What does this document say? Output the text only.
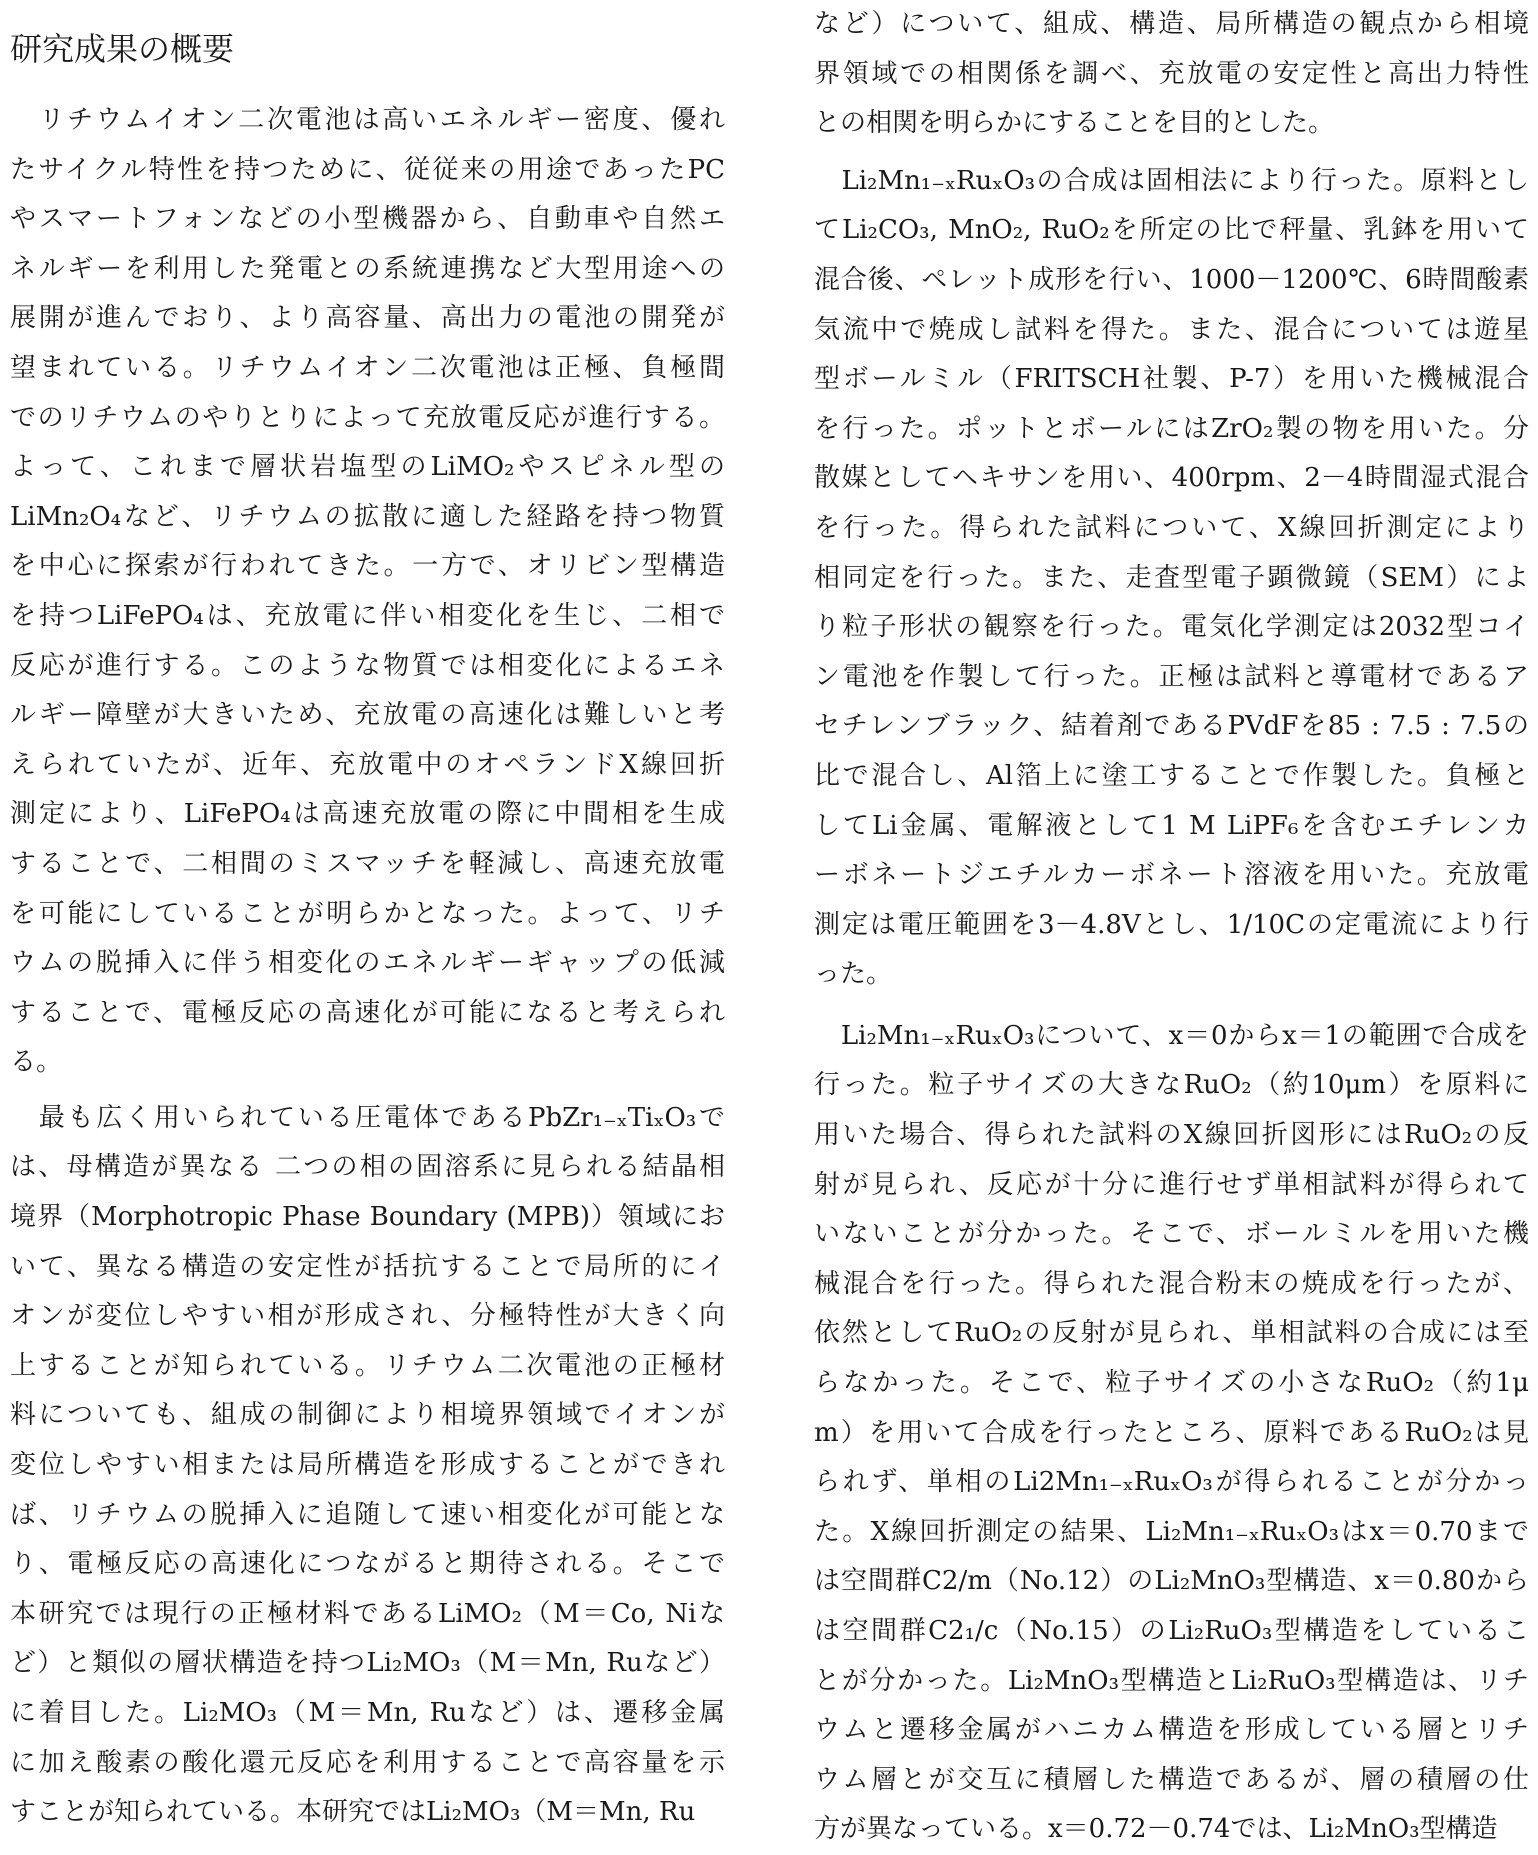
研究成果の概要
　リチウムイオン二次電池は高いエネルギー密度、優れ
たサイクル特性を持つために、従従来の用途であったPC
やスマートフォンなどの小型機器から、自動車や自然エ
ネルギーを利用した発電との系統連携など大型用途への
展開が進んでおり、より高容量、高出力の電池の開発が
望まれている。リチウムイオン二次電池は正極、負極間
でのリチウムのやりとりによって充放電反応が進行する。
よって、これまで層状岩塩型のLiMO₂やスピネル型の
LiMn₂O₄など、リチウムの拡散に適した経路を持つ物質
を中心に探索が行われてきた。一方で、オリビン型構造
を持つLiFePO₄は、充放電に伴い相変化を生じ、二相で
反応が進行する。このような物質では相変化によるエネ
ルギー障壁が大きいため、充放電の高速化は難しいと考
えられていたが、近年、充放電中のオペランドX線回折
測定により、LiFePO₄は高速充放電の際に中間相を生成
することで、二相間のミスマッチを軽減し、高速充放電
を可能にしていることが明らかとなった。よって、リチ
ウムの脱挿入に伴う相変化のエネルギーギャップの低減
することで、電極反応の高速化が可能になると考えられ
る。
　最も広く用いられている圧電体であるPbZr₁₋ₓTiₓO₃で
は、母構造が異なる 二つの相の固溶系に見られる結晶相
境界（Morphotropic Phase Boundary (MPB)）領域にお
いて、異なる構造の安定性が括抗することで局所的にイ
オンが変位しやすい相が形成され、分極特性が大きく向
上することが知られている。リチウム二次電池の正極材
料についても、組成の制御により相境界領域でイオンが
変位しやすい相または局所構造を形成することができれ
ば、リチウムの脱挿入に追随して速い相変化が可能とな
り、電極反応の高速化につながると期待される。そこで
本研究では現行の正極材料であるLiMO₂（M＝Co, Niな
ど）と類似の層状構造を持つLi₂MO₃（M＝Mn, Ruなど）
に着目した。Li₂MO₃（M＝Mn, Ruなど）は、遷移金属
に加え酸素の酸化還元反応を利用することで高容量を示
すことが知られている。本研究ではLi₂MO₃（M＝Mn, Ru
など）について、組成、構造、局所構造の観点から相境
界領域での相関係を調べ、充放電の安定性と高出力特性
との相関を明らかにすることを目的とした。
　Li₂Mn₁₋ₓRuₓO₃の合成は固相法により行った。原料とし
てLi₂CO₃, MnO₂, RuO₂を所定の比で秤量、乳鉢を用いて
混合後、ペレット成形を行い、1000－1200℃、6時間酸素
気流中で焼成し試料を得た。また、混合については遊星
型ボールミル（FRITSCH社製、P-7）を用いた機械混合
を行った。ポットとボールにはZrO₂製の物を用いた。分
散媒としてヘキサンを用い、400rpm、2－4時間湿式混合
を行った。得られた試料について、X線回折測定により
相同定を行った。また、走査型電子顕微鏡（SEM）によ
り粒子形状の観察を行った。電気化学測定は2032型コイ
ン電池を作製して行った。正極は試料と導電材であるア
セチレンブラック、結着剤であるPVdFを85 : 7.5 : 7.5の
比で混合し、Al箔上に塗工することで作製した。負極と
してLi金属、電解液として1 M LiPF₆を含むエチレンカ
ーボネートジエチルカーボネート溶液を用いた。充放電
測定は電圧範囲を3－4.8Vとし、1/10Cの定電流により行
った。
　Li₂Mn₁₋ₓRuₓO₃について、x＝0からx＝1の範囲で合成を
行った。粒子サイズの大きなRuO₂（約10μm）を原料に
用いた場合、得られた試料のX線回折図形にはRuO₂の反
射が見られ、反応が十分に進行せず単相試料が得られて
いないことが分かった。そこで、ボールミルを用いた機
械混合を行った。得られた混合粉末の焼成を行ったが、
依然としてRuO₂の反射が見られ、単相試料の合成には至
らなかった。そこで、粒子サイズの小さなRuO₂（約1μ
m）を用いて合成を行ったところ、原料であるRuO₂は見
られず、単相のLi2Mn₁₋ₓRuₓO₃が得られることが分かっ
た。X線回折測定の結果、Li₂Mn₁₋ₓRuₓO₃はx＝0.70まで
は空間群C2/m（No.12）のLi₂MnO₃型構造、x＝0.80から
は空間群C2₁/c（No.15）のLi₂RuO₃型構造をしているこ
とが分かった。Li₂MnO₃型構造とLi₂RuO₃型構造は、リチ
ウムと遷移金属がハニカム構造を形成している層とリチ
ウム層とが交互に積層した構造であるが、層の積層の仕
方が異なっている。x＝0.72－0.74では、Li₂MnO₃型構造
